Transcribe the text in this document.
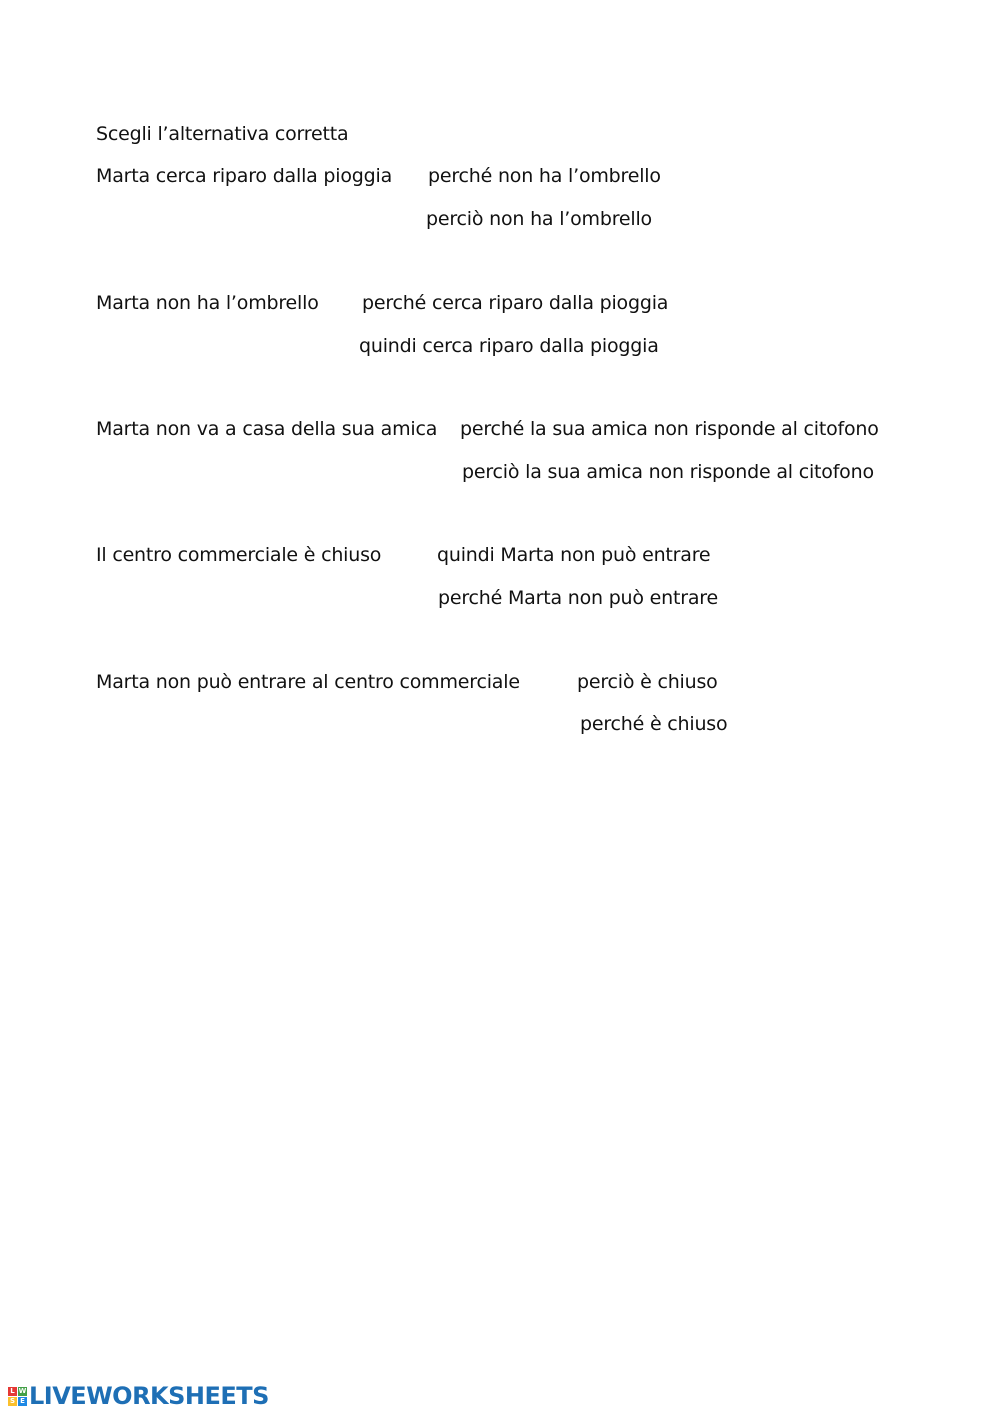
Scegli l’alternativa corretta
Marta cerca riparo dalla pioggia perché non ha l’ombrello
perciò non ha l’ombrello
Marta non ha l’ombrello perché cerca riparo dalla pioggia
quindi cerca riparo dalla pioggia
Marta non va a casa della sua amica perché la sua amica non risponde al citofono
perciò la sua amica non risponde al citofono
Il centro commerciale è chiuso	quindi Marta non può entrare
perché Marta non può entrare
Marta non può entrare al centro commerciale	perciò è chiuso
perché è chiuso
L W
S E LIVEWORKSHEETS
